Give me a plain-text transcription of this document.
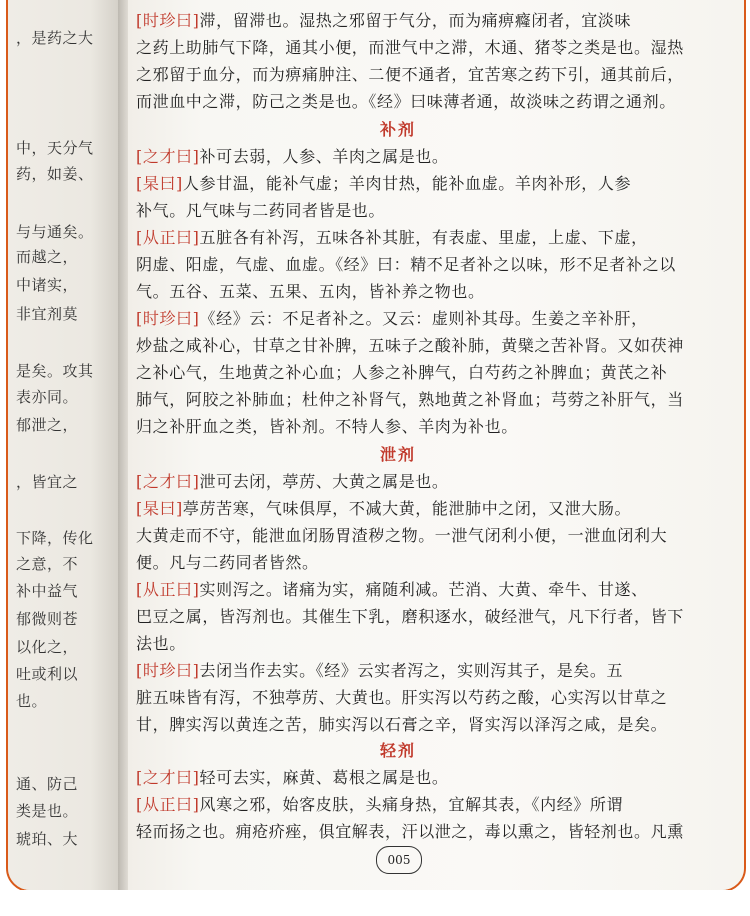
，是药之大
中，天分气
药，如姜、
与与通矣。
而越之，
中诸实，
非宜剂莫
是矣。攻其
表亦同。
郁泄之，
，皆宜之
下降，传化
之意，不
补中益气
郁微则苍
以化之，
吐或利以
也。
通、防己
类是也。
琥珀、大
[时珍曰]滞，留滞也。湿热之邪留于气分，而为痛痹癃闭者，宜淡味
之药上助肺气下降，通其小便，而泄气中之滞，木通、猪苓之类是也。湿热
之邪留于血分，而为痹痛肿注、二便不通者，宜苦寒之药下引，通其前后，
而泄血中之滞，防己之类是也。《经》曰味薄者通，故淡味之药谓之通剂。
补剂
[之才曰]补可去弱，人参、羊肉之属是也。
[杲曰]人参甘温，能补气虚；羊肉甘热，能补血虚。羊肉补形，人参
补气。凡气味与二药同者皆是也。
[从正曰]五脏各有补泻，五味各补其脏，有表虚、里虚，上虚、下虚，
阴虚、阳虚，气虚、血虚。《经》曰：精不足者补之以味，形不足者补之以
气。五谷、五菜、五果、五肉，皆补养之物也。
[时珍曰]《经》云：不足者补之。又云：虚则补其母。生姜之辛补肝，
炒盐之咸补心，甘草之甘补脾，五味子之酸补肺，黄檗之苦补肾。又如茯神
之补心气，生地黄之补心血；人参之补脾气，白芍药之补脾血；黄芪之补
肺气，阿胶之补肺血；杜仲之补肾气，熟地黄之补肾血；芎䓖之补肝气，当
归之补肝血之类，皆补剂。不特人参、羊肉为补也。
泄剂
[之才曰]泄可去闭，葶苈、大黄之属是也。
[杲曰]葶苈苦寒，气味俱厚，不减大黄，能泄肺中之闭，又泄大肠。
大黄走而不守，能泄血闭肠胃渣秽之物。一泄气闭利小便，一泄血闭利大
便。凡与二药同者皆然。
[从正曰]实则泻之。诸痛为实，痛随利减。芒消、大黄、牵牛、甘遂、
巴豆之属，皆泻剂也。其催生下乳，磨积逐水，破经泄气，凡下行者，皆下
法也。
[时珍曰]去闭当作去实。《经》云实者泻之，实则泻其子，是矣。五
脏五味皆有泻，不独葶苈、大黄也。肝实泻以芍药之酸，心实泻以甘草之
甘，脾实泻以黄连之苦，肺实泻以石膏之辛，肾实泻以泽泻之咸，是矣。
轻剂
[之才曰]轻可去实，麻黄、葛根之属是也。
[从正曰]风寒之邪，始客皮肤，头痛身热，宜解其表，《内经》所谓
轻而扬之也。痈疮疥痤，俱宜解表，汗以泄之，毒以熏之，皆轻剂也。凡熏
005
